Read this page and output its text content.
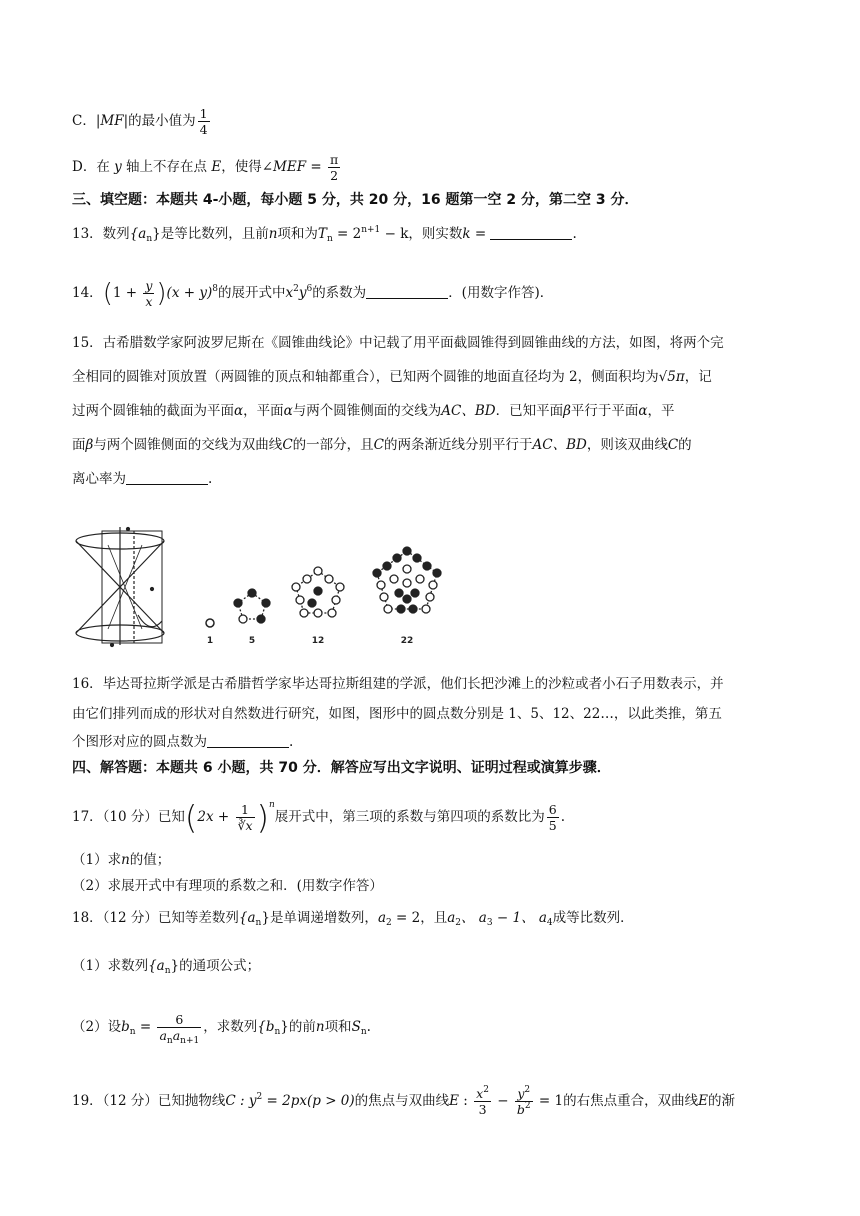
C．|MF|的最小值为 $\frac{1}{4}$
D．在 y 轴上不存在点 E，使得∠MEF = $\frac{\pi}{2}$
三、填空题：本题共 4-小题，每小题 5 分，共 20 分，16 题第一空 2 分，第二空 3 分．
13．数列$\{a_n\}$是等比数列，且前n项和为$T_n = 2^{n+1} - k$，则实数k =	.
14．$(1 + \frac{y}{x} )(x + y)^8$的展开式中$x^2y^6$的系数为	．(用数字作答)．
15．古希腊数学家阿波罗尼斯在《圆锥曲线论》中记载了用平面截圆锥得到圆锥曲线的方法，如图，将两个完
全相同的圆锥对顶放置（两圆锥的顶点和轴都重合），已知两个圆锥的地面直径均为 2，侧面积均为√5π，记
过两个圆锥轴的截面为平面α，平面α与两个圆锥侧面的交线为AC、BD．已知平面β平行于平面α，平
面β与两个圆锥侧面的交线为双曲线C的一部分，且C的两条渐近线分别平行于AC、BD，则该双曲线C的
离心率为	.
1	5	12	22
16．毕达哥拉斯学派是古希腊哲学家毕达哥拉斯组建的学派，他们长把沙滩上的沙粒或者小石子用数表示，并
由它们排列而成的形状对自然数进行研究，如图，图形中的圆点数分别是 1、5、12、22…，以此类推，第五
个图形对应的圆点数为	.
四、解答题：本题共 6 小题，共 70 分．解答应写出文字说明、证明过程或演算步骤．
17．（10 分）已知$(2x + \frac{1}{∛x} )^n$展开式中，第三项的系数与第四项的系数比为 $\frac{6}{5}$ .
（1）求n的值；
（2）求展开式中有理项的系数之和．(用数字作答）
18．（12 分）已知等差数列$\{a_n\}$是单调递增数列，$a_2 = 2$，且$a_2$、 $a_3 - 1$、 $a_4$成等比数列．
（1）求数列$\{a_n\}$的通项公式；
（2）设$b_n = \frac{6}{a_na_{n+1}}$ ，求数列$\{b_n\}$的前n项和$S_n$.
19．（12 分）已知抛物线C : $y^2 = 2px(p > 0)$的焦点与双曲线E : $\frac{x^2}{3} - \frac{y^2}{b^2} = 1$的右焦点重合，双曲线E的渐
